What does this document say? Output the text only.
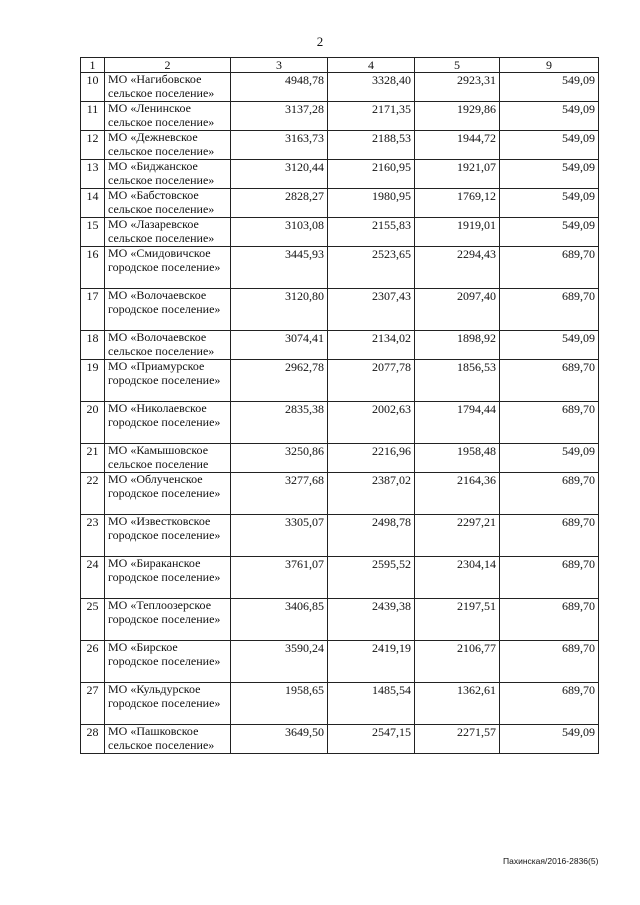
2
1	2	3	4	5	9
10	МО «Нагибовское сельское поселение»	4948,78	3328,40	2923,31	549,09
11	МО «Ленинское сельское поселение»	3137,28	2171,35	1929,86	549,09
12	МО «Дежневское сельское поселение»	3163,73	2188,53	1944,72	549,09
13	МО «Биджанское сельское поселение»	3120,44	2160,95	1921,07	549,09
14	МО «Бабстовское сельское поселение»	2828,27	1980,95	1769,12	549,09
15	МО «Лазаревское сельское поселение»	3103,08	2155,83	1919,01	549,09
16	МО «Смидовичское городское поселение»	3445,93	2523,65	2294,43	689,70
17	МО «Волочаевское городское поселение»	3120,80	2307,43	2097,40	689,70
18	МО «Волочаевское сельское поселение»	3074,41	2134,02	1898,92	549,09
19	МО «Приамурское городское поселение»	2962,78	2077,78	1856,53	689,70
20	МО «Николаевское городское поселение»	2835,38	2002,63	1794,44	689,70
21	МО «Камышовское сельское поселение	3250,86	2216,96	1958,48	549,09
22	МО «Облученское городское поселение»	3277,68	2387,02	2164,36	689,70
23	МО «Известковское городское поселение»	3305,07	2498,78	2297,21	689,70
24	МО «Бираканское городское поселение»	3761,07	2595,52	2304,14	689,70
25	МО «Теплоозерское городское поселение»	3406,85	2439,38	2197,51	689,70
26	МО «Бирское городское поселение»	3590,24	2419,19	2106,77	689,70
27	МО «Кульдурское городское поселение»	1958,65	1485,54	1362,61	689,70
28	МО «Пашковское сельское поселение»	3649,50	2547,15	2271,57	549,09
Пахинская/2016-2836(5)
